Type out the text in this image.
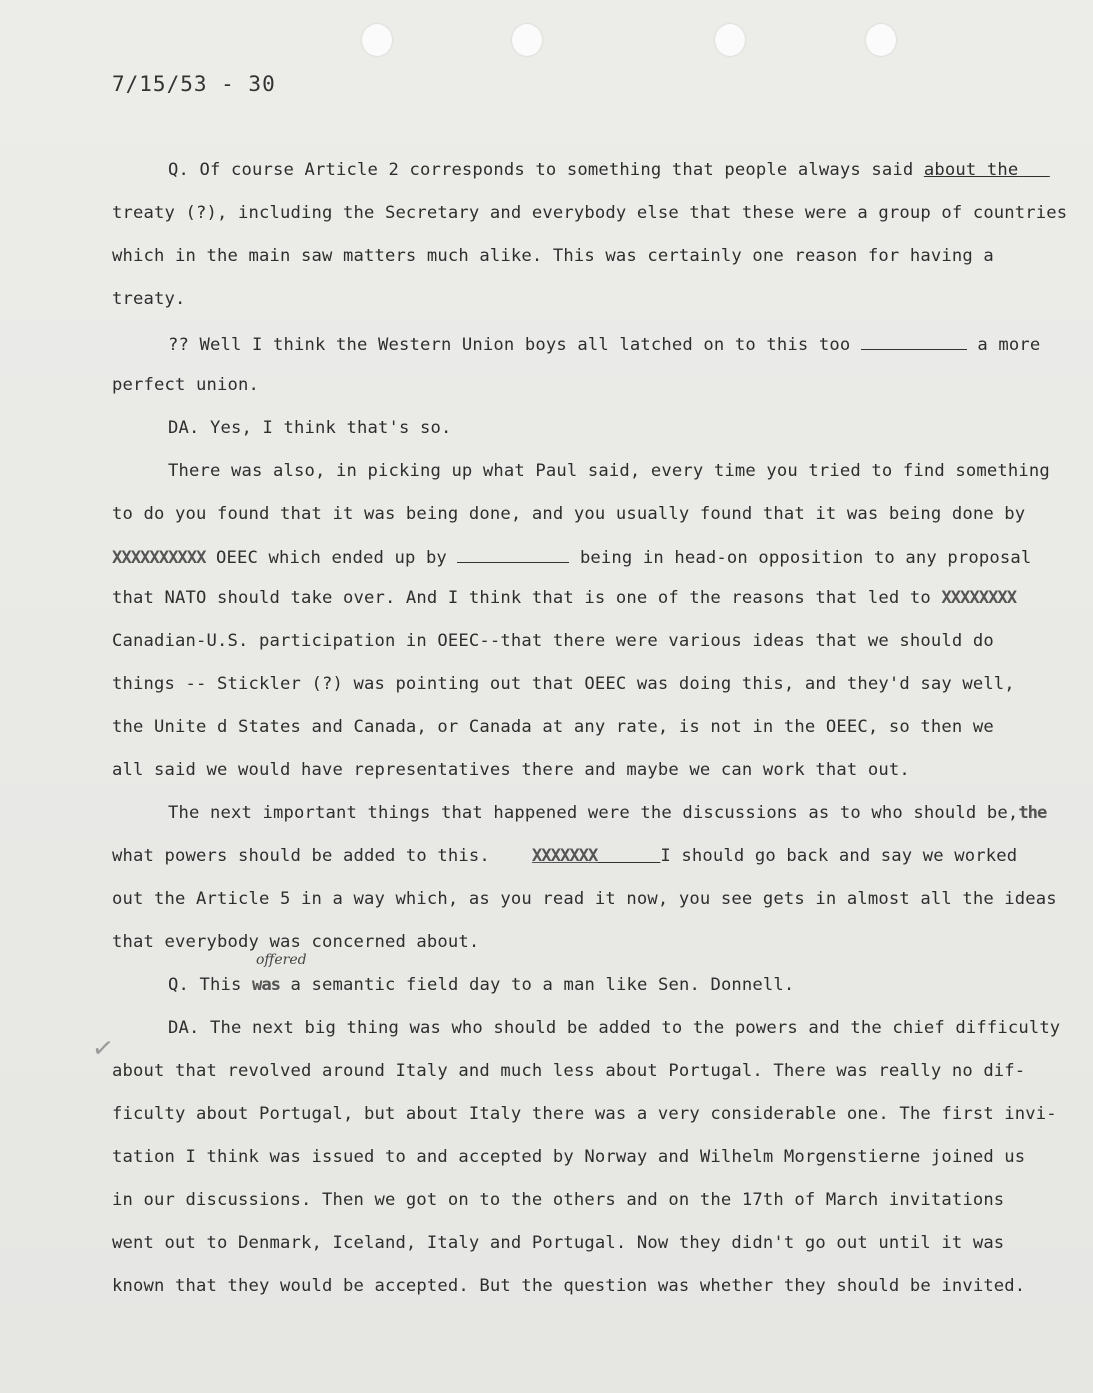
7/15/53 - 30
Q. Of course Article 2 corresponds to something that people always said about the
treaty (?), including the Secretary and everybody else that these were a group of countries
which in the main saw matters much alike. This was certainly one reason for having a
treaty.
?? Well I think the Western Union boys all latched on to this too	a more
perfect union.
DA. Yes, I think that's so.
There was also, in picking up what Paul said, every time you tried to find something
to do you found that it was being done, and you usually found that it was being done by
XXXXXXXXXX OEEC which ended up by	being in head-on opposition to any proposal
that NATO should take over. And I think that is one of the reasons that led to XXXXXXXX
Canadian-U.S. participation in OEEC--that there were various ideas that we should do
things -- Stickler (?) was pointing out that OEEC was doing this, and they'd say well,
the Unite d States and Canada, or Canada at any rate, is not in the OEEC, so then we
all said we would have representatives there and maybe we can work that out.
The next important things that happened were the discussions as to who should be,the
what powers should be added to this. XXXXXXX	I should go back and say we worked
out the Article 5 in a way which, as you read it now, you see gets in almost all the ideas
that everybody was concerned about.
offered
Q. This was a semantic field day to a man like Sen. Donnell.
DA. The next big thing was who should be added to the powers and the chief difficulty
✓
about that revolved around Italy and much less about Portugal. There was really no dif-
ficulty about Portugal, but about Italy there was a very considerable one. The first invi-
tation I think was issued to and accepted by Norway and Wilhelm Morgenstierne joined us
in our discussions. Then we got on to the others and on the 17th of March invitations
went out to Denmark, Iceland, Italy and Portugal. Now they didn't go out until it was
known that they would be accepted. But the question was whether they should be invited.
